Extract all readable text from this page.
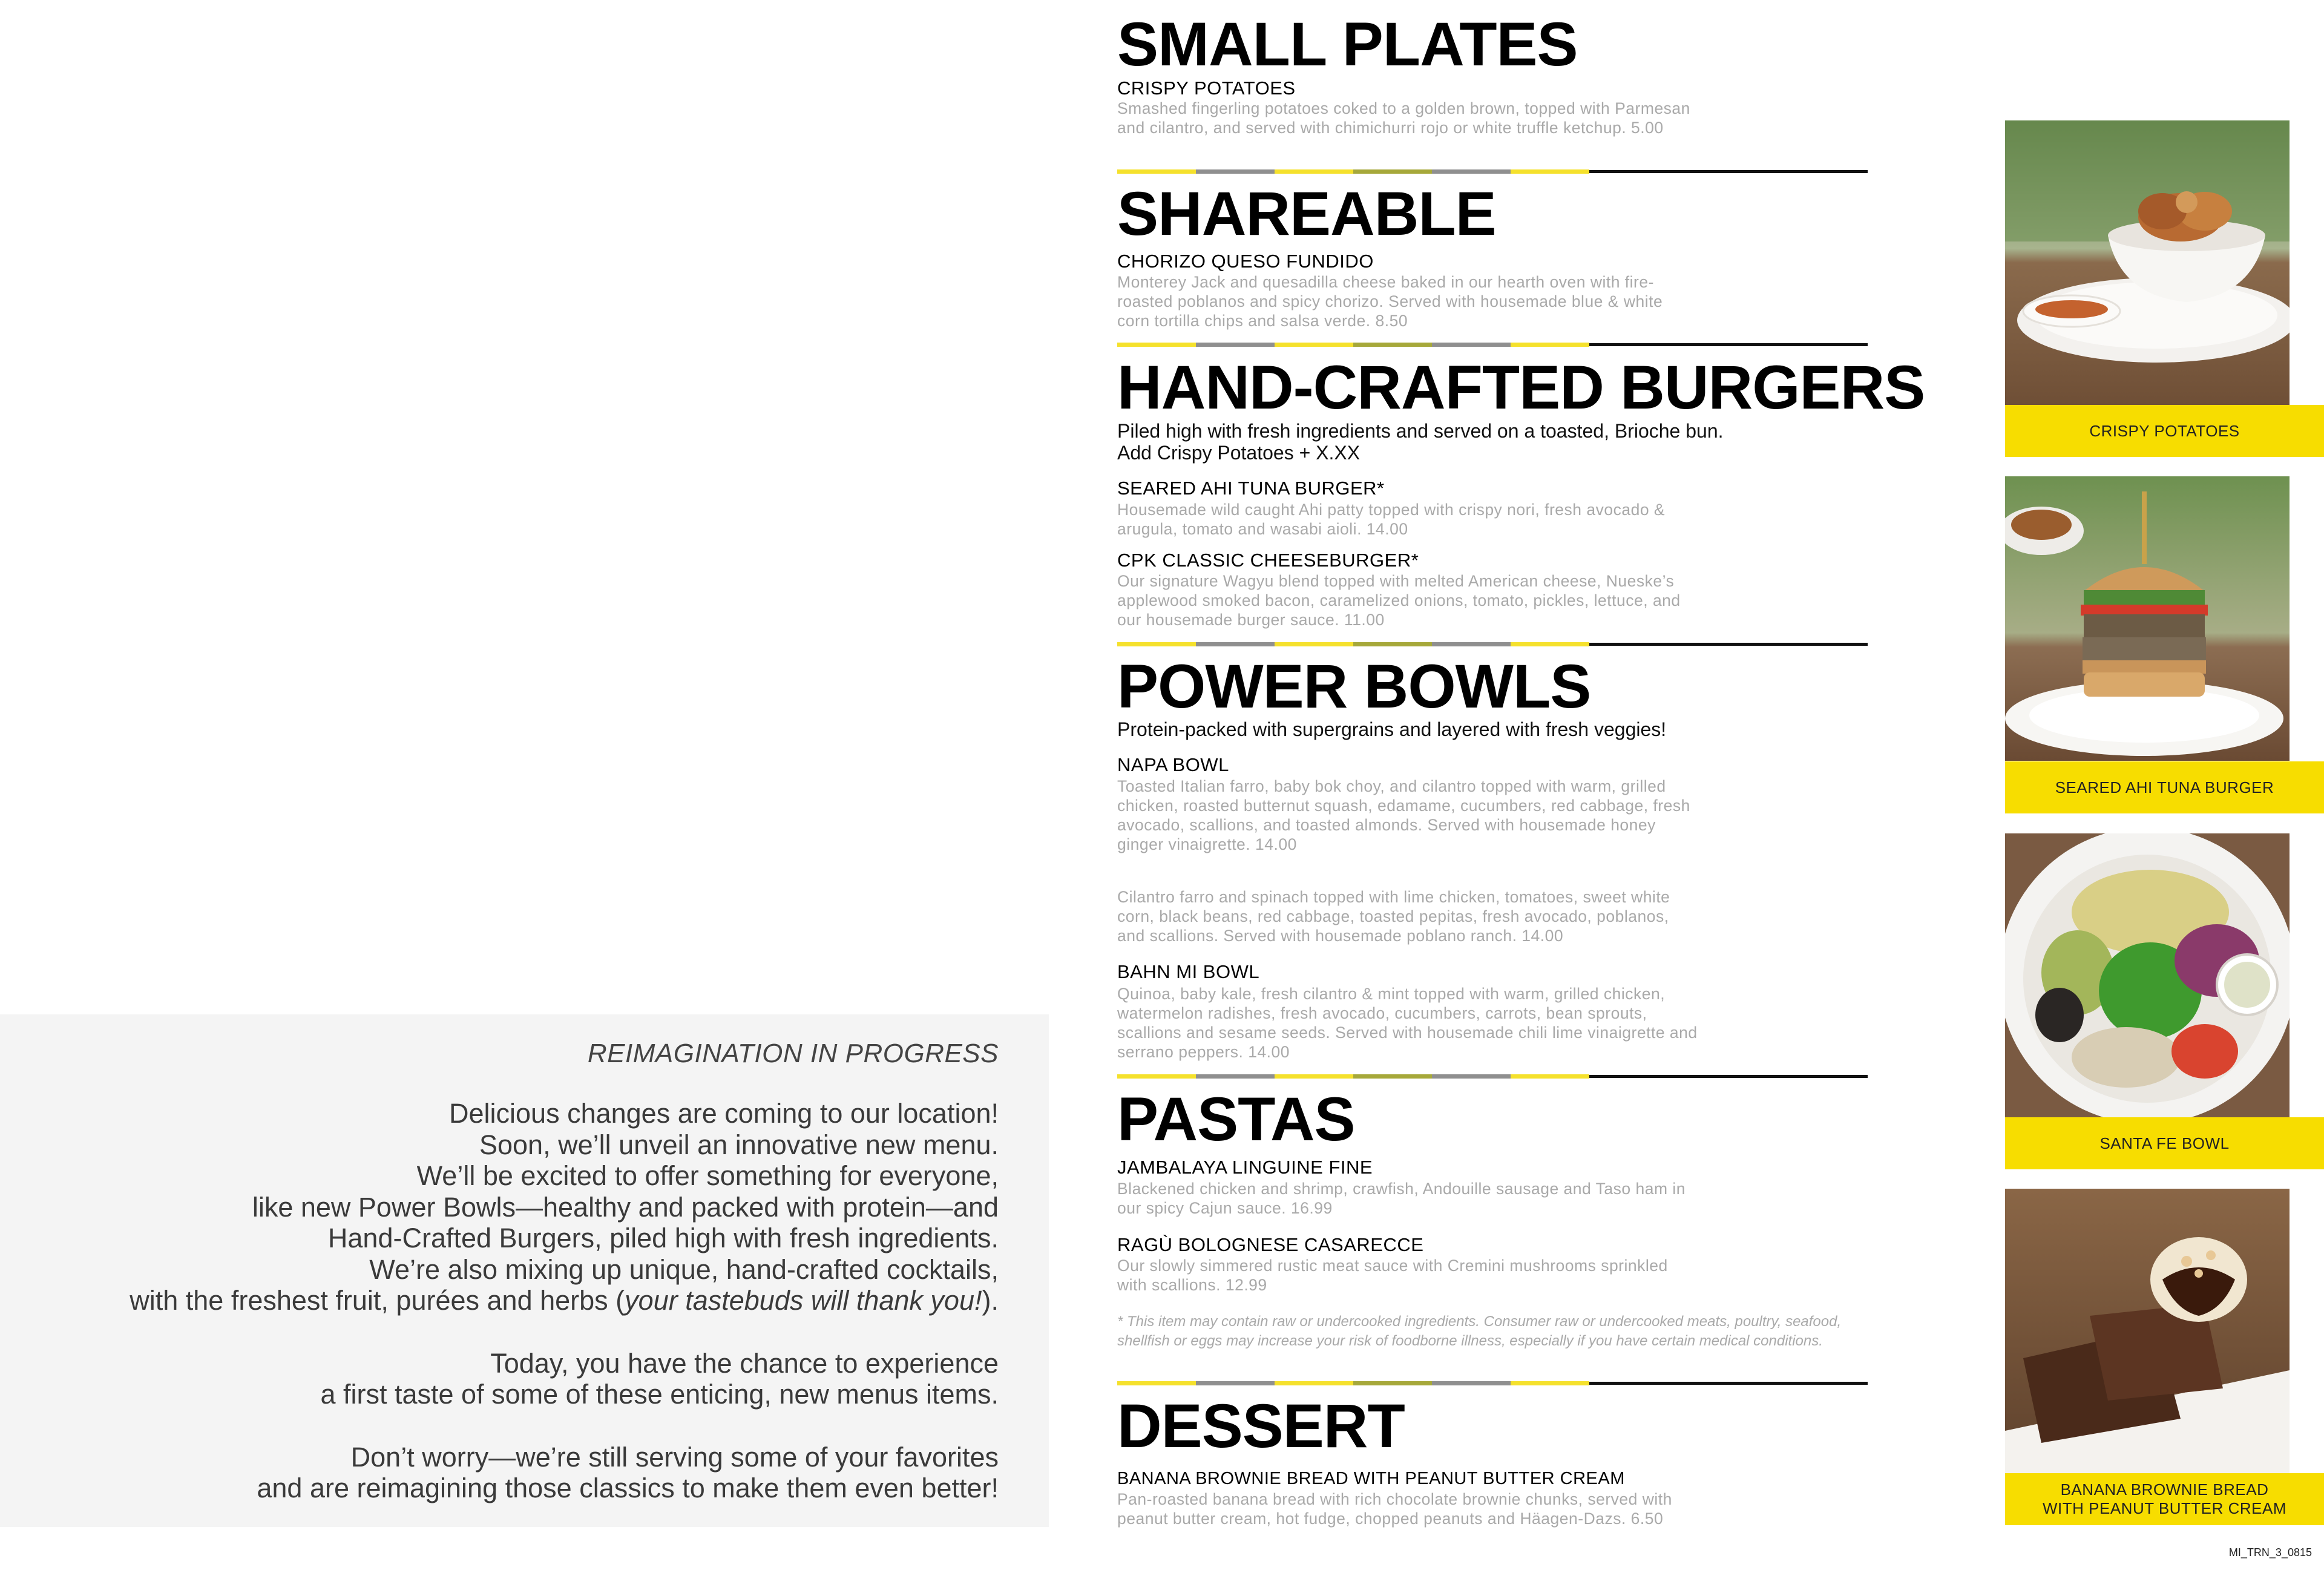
REIMAGINATION IN PROGRESS
Delicious changes are coming to our location!
Soon, we’ll unveil an innovative new menu.
We’ll be excited to offer something for everyone,
like new Power Bowls—healthy and packed with protein—and
Hand-Crafted Burgers, piled high with fresh ingredients.
We’re also mixing up unique, hand-crafted cocktails,
with the freshest fruit, purées and herbs (your tastebuds will thank you!).
Today, you have the chance to experience
a first taste of some of these enticing, new menus items.
Don’t worry—we’re still serving some of your favorites
and are reimagining those classics to make them even better!
SMALL PLATES
CRISPY POTATOES
Smashed fingerling potatoes coked to a golden brown, topped with Parmesan and cilantro, and served with chimichurri rojo or white truffle ketchup. 5.00
SHAREABLE
CHORIZO QUESO FUNDIDO
Monterey Jack and quesadilla cheese baked in our hearth oven with fire-roasted poblanos and spicy chorizo. Served with housemade blue & white corn tortilla chips and salsa verde. 8.50
HAND-CRAFTED BURGERS
Piled high with fresh ingredients and served on a toasted, Brioche bun.
Add Crispy Potatoes + X.XX
SEARED AHI TUNA BURGER*
Housemade wild caught Ahi patty topped with crispy nori, fresh avocado & arugula, tomato and wasabi aioli. 14.00
CPK CLASSIC CHEESEBURGER*
Our signature Wagyu blend topped with melted American cheese, Nueske’s applewood smoked bacon, caramelized onions, tomato, pickles, lettuce, and our housemade burger sauce. 11.00
POWER BOWLS
Protein-packed with supergrains and layered with fresh veggies!
NAPA BOWL
Toasted Italian farro, baby bok choy, and cilantro topped with warm, grilled chicken, roasted butternut squash, edamame, cucumbers, red cabbage, fresh avocado, scallions, and toasted almonds. Served with housemade honey ginger vinaigrette. 14.00
Cilantro farro and spinach topped with lime chicken, tomatoes, sweet white corn, black beans, red cabbage, toasted pepitas, fresh avocado, poblanos, and scallions. Served with housemade poblano ranch. 14.00
BAHN MI BOWL
Quinoa, baby kale, fresh cilantro & mint topped with warm, grilled chicken, watermelon radishes, fresh avocado, cucumbers, carrots, bean sprouts, scallions and sesame seeds. Served with housemade chili lime vinaigrette and serrano peppers. 14.00
PASTAS
JAMBALAYA LINGUINE FINE
Blackened chicken and shrimp, crawfish, Andouille sausage and Taso ham in our spicy Cajun sauce. 16.99
RAGÙ BOLOGNESE CASARECCE
Our slowly simmered rustic meat sauce with Cremini mushrooms sprinkled with scallions. 12.99
* This item may contain raw or undercooked ingredients. Consumer raw or undercooked meats, poultry, seafood, shellfish or eggs may increase your risk of foodborne illness, especially if you have certain medical conditions.
DESSERT
BANANA BROWNIE BREAD WITH PEANUT BUTTER CREAM
Pan-roasted banana bread with rich chocolate brownie chunks, served with peanut butter cream, hot fudge, chopped peanuts and Häagen-Dazs. 6.50
CRISPY POTATOES
SEARED AHI TUNA BURGER
SANTA FE BOWL
BANANA BROWNIE BREAD
WITH PEANUT BUTTER CREAM
MI_TRN_3_0815
